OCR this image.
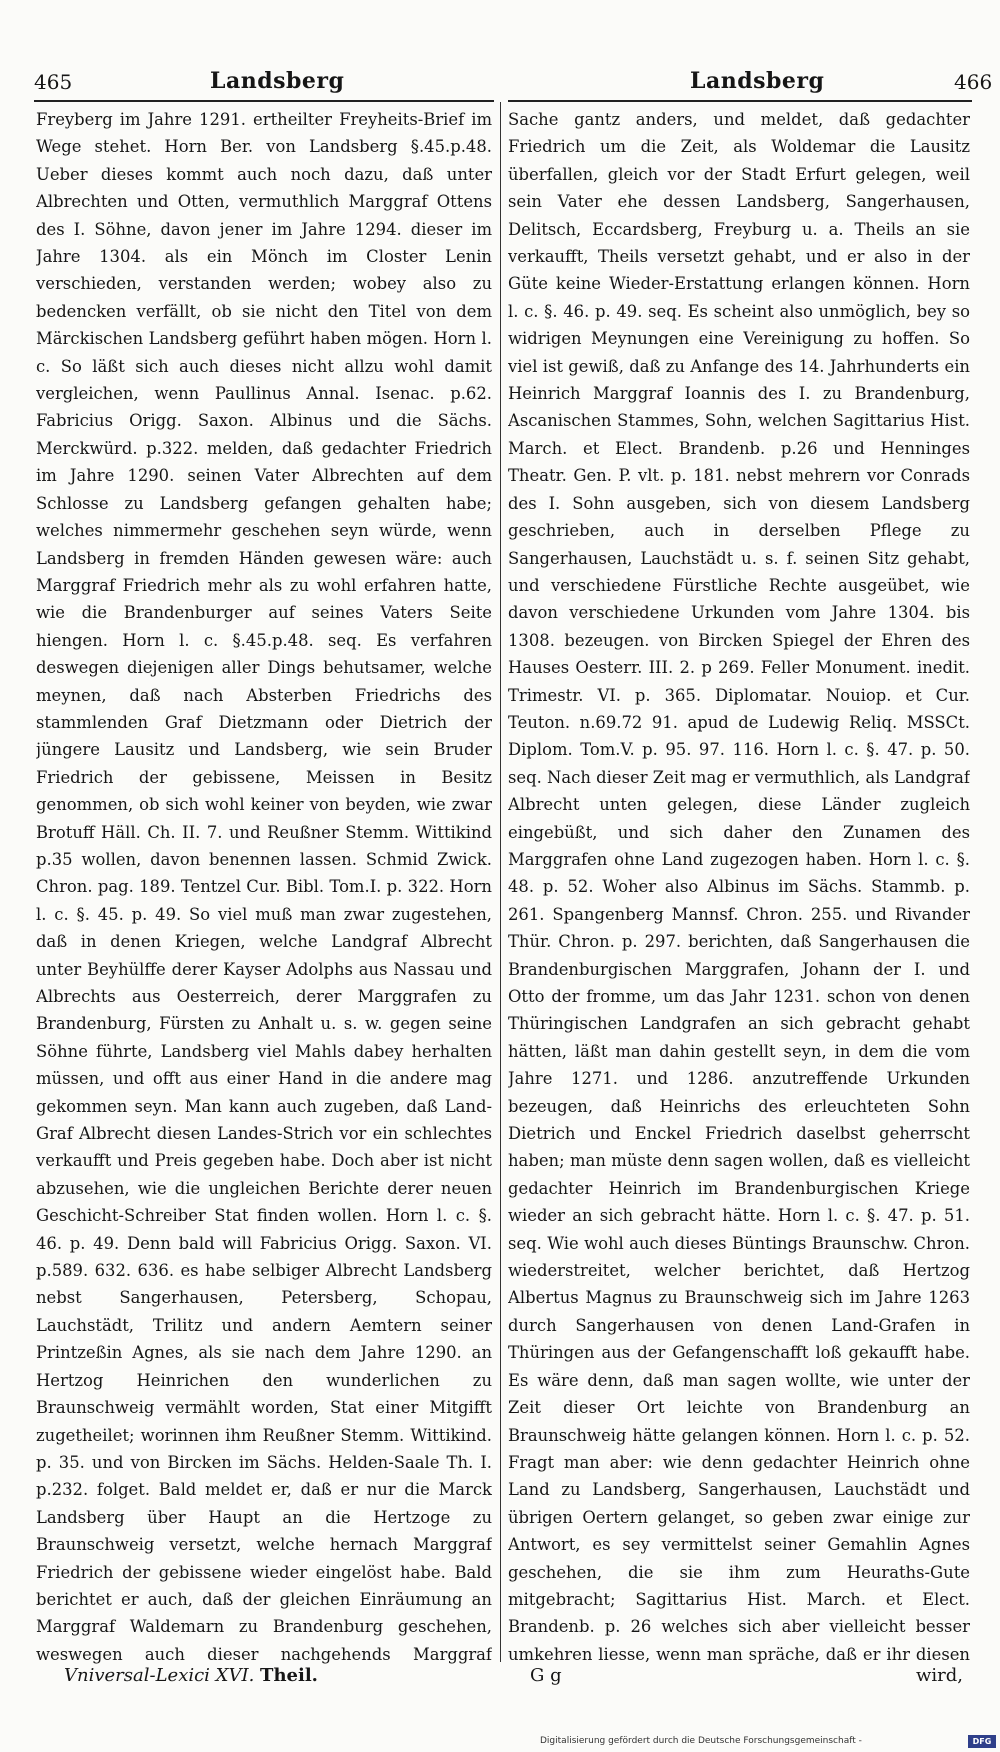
465	Landsberg	Landsberg	466
Freyberg im Jahre 1291. ertheilter Freyheits-Brief im Wege stehet. Horn Ber. von Landsberg §.45.p.48. Ueber dieses kommt auch noch dazu, daß unter Albrechten und Otten, vermuthlich Marggraf Ottens des I. Söhne, davon jener im Jahre 1294. dieser im Jahre 1304. als ein Mönch im Closter Lenin verschieden, verstanden werden; wobey also zu bedencken verfällt, ob sie nicht den Titel von dem Märckischen Landsberg geführt haben mögen. Horn l. c. So läßt sich auch dieses nicht allzu wohl damit vergleichen, wenn Paullinus Annal. Isenac. p.62. Fabricius Origg. Saxon. Albinus und die Sächs. Merckwürd. p.322. melden, daß gedachter Friedrich im Jahre 1290. seinen Vater Albrechten auf dem Schlosse zu Landsberg gefangen gehalten habe; welches nimmermehr geschehen seyn würde, wenn Landsberg in fremden Händen gewesen wäre: auch Marggraf Friedrich mehr als zu wohl erfahren hatte, wie die Brandenburger auf seines Vaters Seite hiengen. Horn l. c. §.45.p.48. seq. Es verfahren deswegen diejenigen aller Dings behutsamer, welche meynen, daß nach Absterben Friedrichs des stammlenden Graf Dietzmann oder Dietrich der jüngere Lausitz und Landsberg, wie sein Bruder Friedrich der gebissene, Meissen in Besitz genommen, ob sich wohl keiner von beyden, wie zwar Brotuff Häll. Ch. II. 7. und Reußner Stemm. Wittikind p.35 wollen, davon benennen lassen. Schmid Zwick. Chron. pag. 189. Tentzel Cur. Bibl. Tom.I. p. 322. Horn l. c. §. 45. p. 49. So viel muß man zwar zugestehen, daß in denen Kriegen, welche Landgraf Albrecht unter Beyhülffe derer Kayser Adolphs aus Nassau und Albrechts aus Oesterreich, derer Marggrafen zu Brandenburg, Fürsten zu Anhalt u. s. w. gegen seine Söhne führte, Landsberg viel Mahls dabey herhalten müssen, und offt aus einer Hand in die andere mag gekommen seyn. Man kann auch zugeben, daß Land-Graf Albrecht diesen Landes-Strich vor ein schlechtes verkaufft und Preis gegeben habe. Doch aber ist nicht abzusehen, wie die ungleichen Berichte derer neuen Geschicht-Schreiber Stat finden wollen. Horn l. c. §. 46. p. 49. Denn bald will Fabricius Origg. Saxon. VI. p.589. 632. 636. es habe selbiger Albrecht Landsberg nebst Sangerhausen, Petersberg, Schopau, Lauchstädt, Trilitz und andern Aemtern seiner Printzeßin Agnes, als sie nach dem Jahre 1290. an Hertzog Heinrichen den wunderlichen zu Braunschweig vermählt worden, Stat einer Mitgifft zugetheilet; worinnen ihm Reußner Stemm. Wittikind. p. 35. und von Bircken im Sächs. Helden-Saale Th. I. p.232. folget. Bald meldet er, daß er nur die Marck Landsberg über Haupt an die Hertzoge zu Braunschweig versetzt, welche hernach Marggraf Friedrich der gebissene wieder eingelöst habe. Bald berichtet er auch, daß der gleichen Einräumung an Marggraf Waldemarn zu Brandenburg geschehen, weswegen auch dieser nachgehends Marggraf
Sache gantz anders, und meldet, daß gedachter Friedrich um die Zeit, als Woldemar die Lausitz überfallen, gleich vor der Stadt Erfurt gelegen, weil sein Vater ehe dessen Landsberg, Sangerhausen, Delitsch, Eccardsberg, Freyburg u. a. Theils an sie verkaufft, Theils versetzt gehabt, und er also in der Güte keine Wieder-Erstattung erlangen können. Horn l. c. §. 46. p. 49. seq. Es scheint also unmöglich, bey so widrigen Meynungen eine Vereinigung zu hoffen. So viel ist gewiß, daß zu Anfange des 14. Jahrhunderts ein Heinrich Marggraf Ioannis des I. zu Brandenburg, Ascanischen Stammes, Sohn, welchen Sagittarius Hist. March. et Elect. Brandenb. p.26 und Henninges Theatr. Gen. P. vlt. p. 181. nebst mehrern vor Conrads des I. Sohn ausgeben, sich von diesem Landsberg geschrieben, auch in derselben Pflege zu Sangerhausen, Lauchstädt u. s. f. seinen Sitz gehabt, und verschiedene Fürstliche Rechte ausgeübet, wie davon verschiedene Urkunden vom Jahre 1304. bis 1308. bezeugen. von Bircken Spiegel der Ehren des Hauses Oesterr. III. 2. p 269. Feller Monument. inedit. Trimestr. VI. p. 365. Diplomatar. Nouiop. et Cur. Teuton. n.69.72 91. apud de Ludewig Reliq. MSSCt. Diplom. Tom.V. p. 95. 97. 116. Horn l. c. §. 47. p. 50. seq. Nach dieser Zeit mag er vermuthlich, als Landgraf Albrecht unten gelegen, diese Länder zugleich eingebüßt, und sich daher den Zunamen des Marggrafen ohne Land zugezogen haben. Horn l. c. §. 48. p. 52. Woher also Albinus im Sächs. Stammb. p. 261. Spangenberg Mannsf. Chron. 255. und Rivander Thür. Chron. p. 297. berichten, daß Sangerhausen die Brandenburgischen Marggrafen, Johann der I. und Otto der fromme, um das Jahr 1231. schon von denen Thüringischen Landgrafen an sich gebracht gehabt hätten, läßt man dahin gestellt seyn, in dem die vom Jahre 1271. und 1286. anzutreffende Urkunden bezeugen, daß Heinrichs des erleuchteten Sohn Dietrich und Enckel Friedrich daselbst geherrscht haben; man müste denn sagen wollen, daß es vielleicht gedachter Heinrich im Brandenburgischen Kriege wieder an sich gebracht hätte. Horn l. c. §. 47. p. 51. seq. Wie wohl auch dieses Büntings Braunschw. Chron. wiederstreitet, welcher berichtet, daß Hertzog Albertus Magnus zu Braunschweig sich im Jahre 1263 durch Sangerhausen von denen Land-Grafen in Thüringen aus der Gefangenschafft loß gekaufft habe. Es wäre denn, daß man sagen wollte, wie unter der Zeit dieser Ort leichte von Brandenburg an Braunschweig hätte gelangen können. Horn l. c. p. 52. Fragt man aber: wie denn gedachter Heinrich ohne Land zu Landsberg, Sangerhausen, Lauchstädt und übrigen Oertern gelanget, so geben zwar einige zur Antwort, es sey vermittelst seiner Gemahlin Agnes geschehen, die sie ihm zum Heuraths-Gute mitgebracht; Sagittarius Hist. March. et Elect. Brandenb. p. 26 welches sich aber vielleicht besser umkehren liesse, wenn man spräche, daß er ihr diesen
Vniversal-Lexici XVI. Theil.	G g	wird,
Digitalisierung gefördert durch die Deutsche Forschungsgemeinschaft -	DFG
